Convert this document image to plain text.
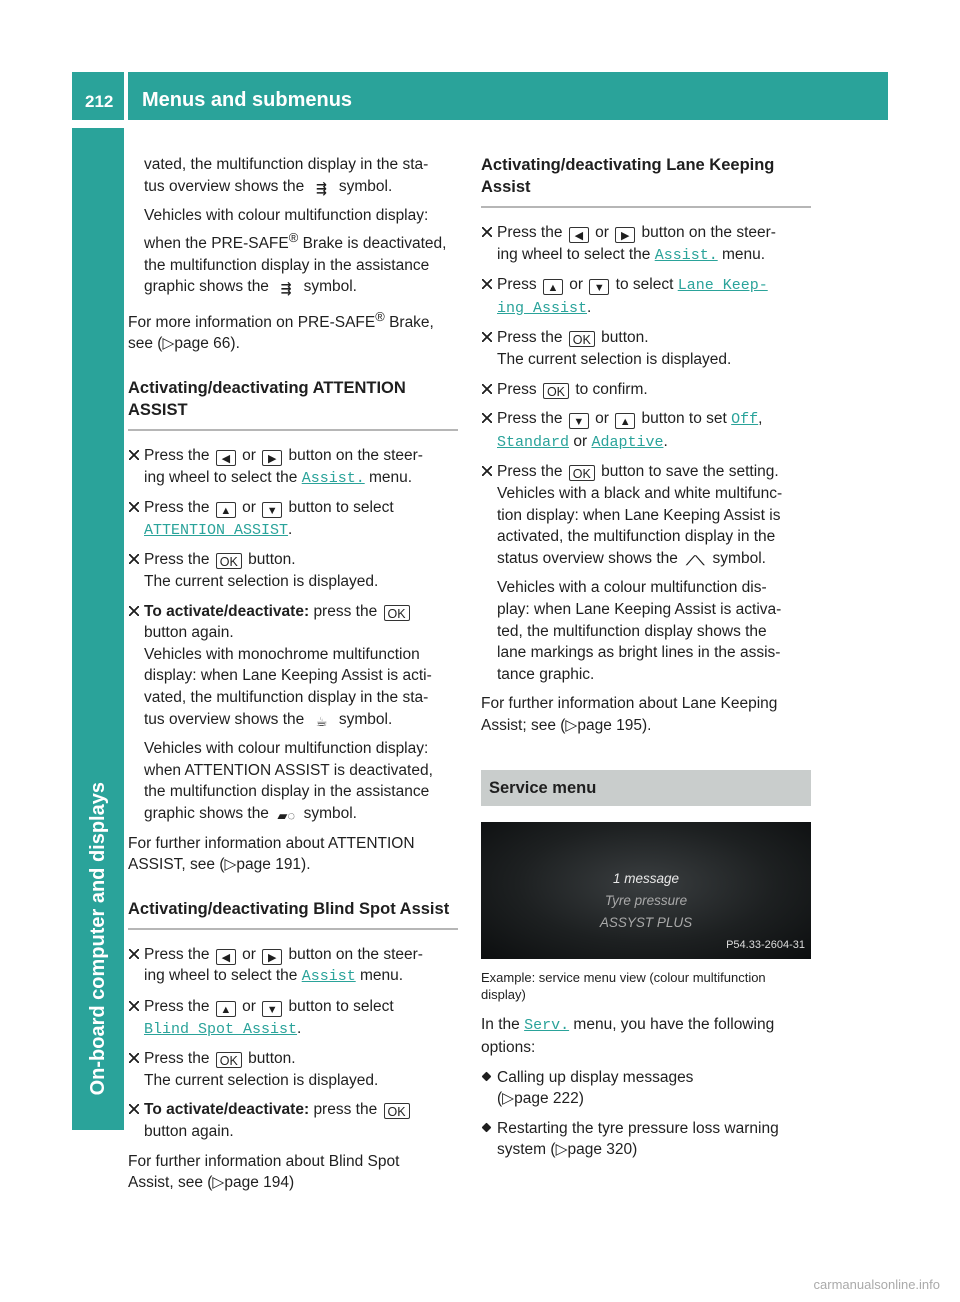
212 Menus and submenus
On-board computer and displays

vated, the multifunction display in the sta-
tus overview shows the ⇶ symbol.

Vehicles with colour multifunction display:
when the PRE-SAFE® Brake is deactivated,
the multifunction display in the assistance
graphic shows the ⇶ symbol.

For more information on PRE-SAFE® Brake,
see (▷page 66).

Activating/deactivating ATTENTION ASSIST
Press the ◀ or ▶ button on the steer-
ing wheel to select the Assist. menu.
Press the ▲ or ▼ button to select
ATTENTION ASSIST.
Press the OK button.
The current selection is displayed.
To activate/deactivate: press the OK
button again.
Vehicles with monochrome multifunction
display: when Lane Keeping Assist is acti-
vated, the multifunction display in the sta-
tus overview shows the ☕ symbol.
Vehicles with colour multifunction display:
when ATTENTION ASSIST is deactivated,
the multifunction display in the assistance
graphic shows the ▰◌ symbol.

For further information about ATTENTION
ASSIST, see (▷page 191).

Activating/deactivating Blind Spot Assist
Press the ◀ or ▶ button on the steer-
ing wheel to select the Assist menu.
Press the ▲ or ▼ button to select
Blind Spot Assist.
Press the OK button.
The current selection is displayed.
To activate/deactivate: press the OK
button again.

For further information about Blind Spot
Assist, see (▷page 194)

Activating/deactivating Lane Keeping Assist
Press the ◀ or ▶ button on the steer-
ing wheel to select the Assist. menu.
Press ▲ or ▼ to select Lane Keep‐
ing Assist.
Press the OK button.
The current selection is displayed.
Press OK to confirm.
Press the ▼ or ▲ button to set Off,
Standard or Adaptive.
Press the OK button to save the setting.
Vehicles with a black and white multifunc-
tion display: when Lane Keeping Assist is
activated, the multifunction display in the
status overview shows the ⟋⟍ symbol.
Vehicles with a colour multifunction dis-
play: when Lane Keeping Assist is activa-
ted, the multifunction display shows the
lane markings as bright lines in the assis-
tance graphic.

For further information about Lane Keeping
Assist; see (▷page 195).

Service menu
1 message
Tyre pressure
ASSYST PLUS
P54.33-2604-31

Example: service menu view (colour multifunction display)

In the Serv. menu, you have the following
options:

Calling up display messages
(▷page 222)
Restarting the tyre pressure loss warning
system (▷page 320)
carmanualsonline.info
